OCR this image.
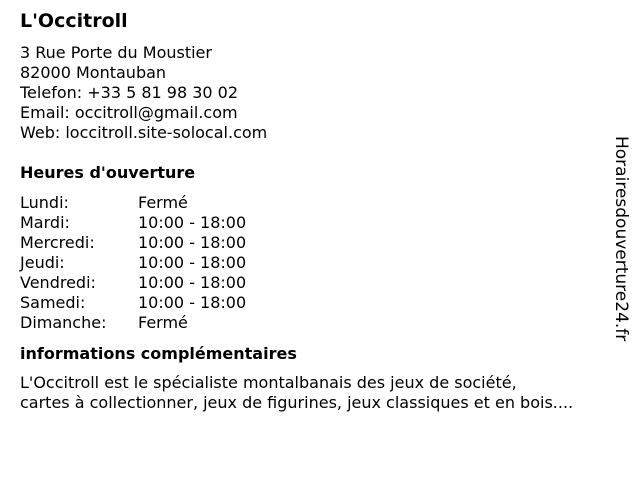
L'Occitroll
3 Rue Porte du Moustier
82000 Montauban
Telefon: +33 5 81 98 30 02
Email: occitroll@gmail.com
Web: loccitroll.site-solocal.com
Heures d'ouverture
Lundi:	Fermé
Mardi:	10:00 - 18:00
Mercredi:	10:00 - 18:00
Jeudi:	10:00 - 18:00
Vendredi:	10:00 - 18:00
Samedi:	10:00 - 18:00
Dimanche:	Fermé
informations complémentaires
L'Occitroll est le spécialiste montalbanais des jeux de société,
cartes à collectionner, jeux de figurines, jeux classiques et en bois....
Horairesdouverture24.fr
